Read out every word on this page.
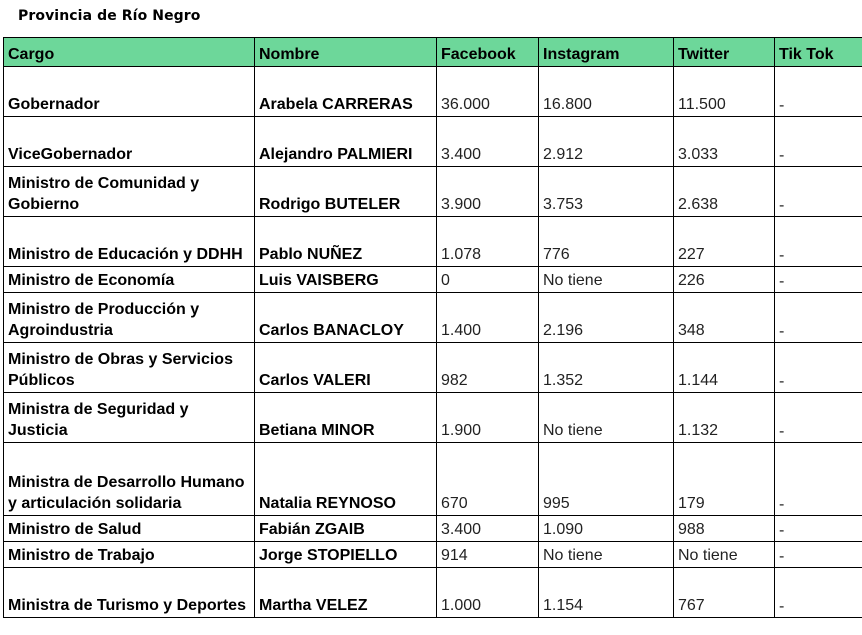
Provincia de Río Negro
Cargo	Nombre	Facebook	Instagram	Twitter	Tik Tok
Gobernador	Arabela CARRERAS	36.000	16.800	11.500	-
ViceGobernador	Alejandro PALMIERI	3.400	2.912	3.033	-
Ministro de Comunidad y Gobierno	Rodrigo BUTELER	3.900	3.753	2.638	-
Ministro de Educación y DDHH	Pablo NUÑEZ	1.078	776	227	-
Ministro de Economía	Luis VAISBERG	0	No tiene	226	-
Ministro de Producción y Agroindustria	Carlos BANACLOY	1.400	2.196	348	-
Ministro de Obras y Servicios Públicos	Carlos VALERI	982	1.352	1.144	-
Ministra de Seguridad y Justicia	Betiana MINOR	1.900	No tiene	1.132	-
Ministra de Desarrollo Humano y articulación solidaria	Natalia REYNOSO	670	995	179	-
Ministro de Salud	Fabián ZGAIB	3.400	1.090	988	-
Ministro de Trabajo	Jorge STOPIELLO	914	No tiene	No tiene	-
Ministra de Turismo y Deportes	Martha VELEZ	1.000	1.154	767	-
